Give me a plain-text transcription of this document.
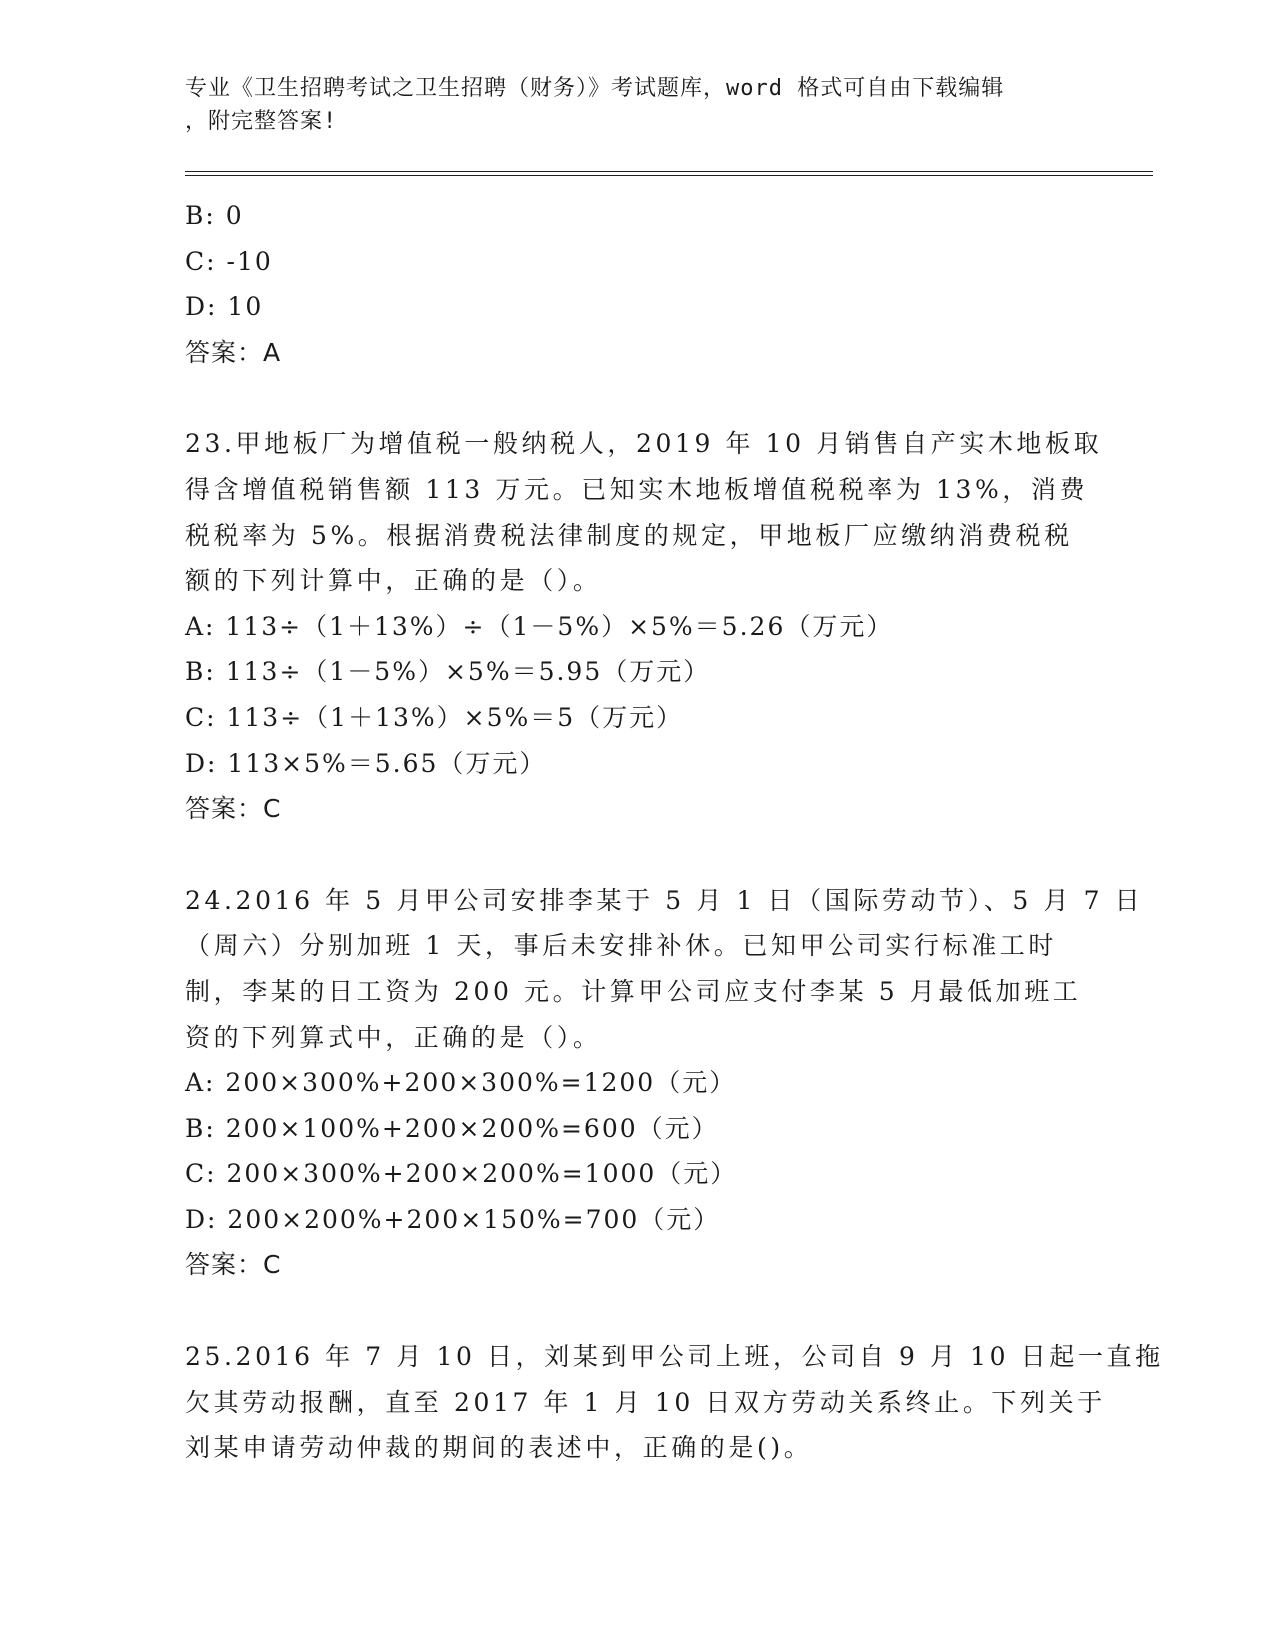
专业《卫生招聘考试之卫生招聘（财务）》考试题库，word 格式可自由下载编辑
，附完整答案!
B: 0
C: -10
D: 10
答案：A
23.甲地板厂为增值税一般纳税人，2019 年 10 月销售自产实木地板取
得含增值税销售额 113 万元。已知实木地板增值税税率为 13%，消费
税税率为 5%。根据消费税法律制度的规定，甲地板厂应缴纳消费税税
额的下列计算中，正确的是（）。
A: 113÷（1＋13%）÷（1－5%）×5%＝5.26（万元）
B: 113÷（1－5%）×5%＝5.95（万元）
C: 113÷（1＋13%）×5%＝5（万元）
D: 113×5%＝5.65（万元）
答案：C
24.2016 年 5 月甲公司安排李某于 5 月 1 日（国际劳动节）、5 月 7 日
（周六）分别加班 1 天，事后未安排补休。已知甲公司实行标准工时
制，李某的日工资为 200 元。计算甲公司应支付李某 5 月最低加班工
资的下列算式中，正确的是（）。
A: 200×300%+200×300%=1200（元）
B: 200×100%+200×200%=600（元）
C: 200×300%+200×200%=1000（元）
D: 200×200%+200×150%=700（元）
答案：C
25.2016 年 7 月 10 日，刘某到甲公司上班，公司自 9 月 10 日起一直拖
欠其劳动报酬，直至 2017 年 1 月 10 日双方劳动关系终止。下列关于
刘某申请劳动仲裁的期间的表述中，正确的是()。
